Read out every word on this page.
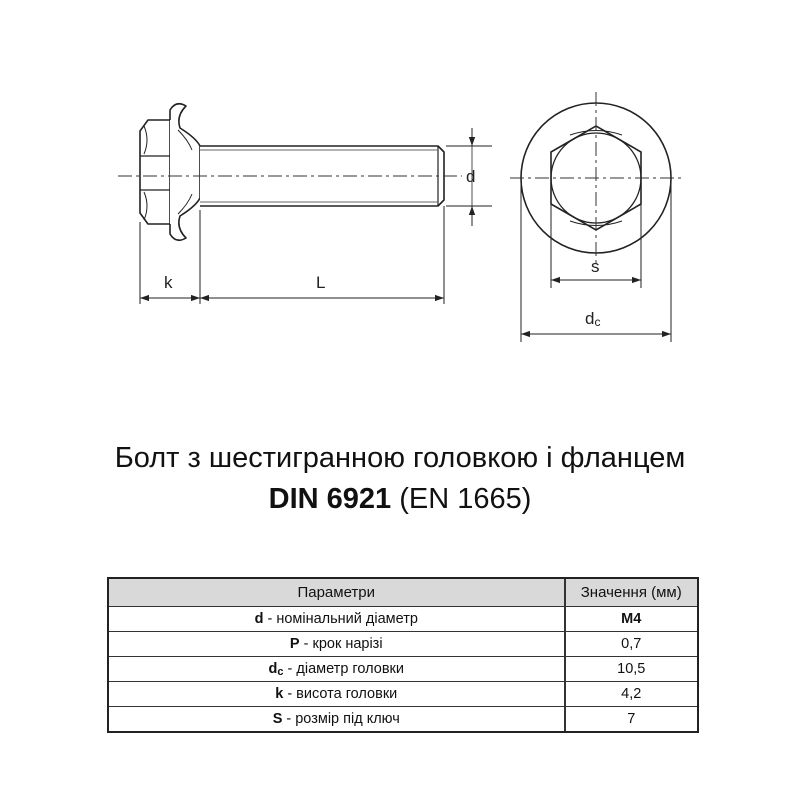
d
k	L
s
dc
Болт з шестигранною головкою і фланцем
DIN 6921 (EN 1665)
Параметри	Значення (мм)
d - номінальний діаметр	M4
P - крок нарізі	0,7
$d_c$ - діаметр головки	10,5
k - висота головки	4,2
S - розмір під ключ	7
